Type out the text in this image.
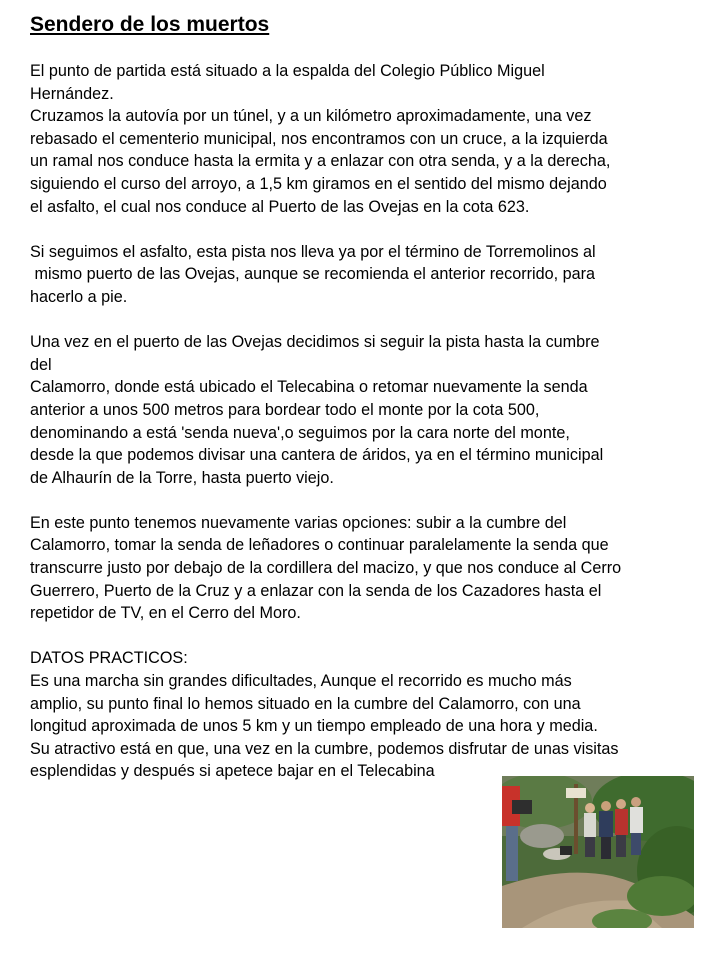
Sendero de los muertos
El punto de partida está situado a la espalda del Colegio Público Miguel
Hernández.
Cruzamos la autovía por un túnel, y a un kilómetro aproximadamente, una vez
rebasado el cementerio municipal, nos encontramos con un cruce, a la izquierda
un ramal nos conduce hasta la ermita y a enlazar con otra senda, y a la derecha,
siguiendo el curso del arroyo, a 1,5 km giramos en el sentido del mismo dejando
el asfalto, el cual nos conduce al Puerto de las Ovejas en la cota 623.
Si seguimos el asfalto, esta pista nos lleva ya por el término de Torremolinos al
mismo puerto de las Ovejas, aunque se recomienda el anterior recorrido, para
hacerlo a pie.
Una vez en el puerto de las Ovejas decidimos si seguir la pista hasta la cumbre
del
Calamorro, donde está ubicado el Telecabina o retomar nuevamente la senda
anterior a unos 500 metros para bordear todo el monte por la cota 500,
denominando a está 'senda nueva',o seguimos por la cara norte del monte,
desde la que podemos divisar una cantera de áridos, ya en el término municipal
de Alhaurín de la Torre, hasta puerto viejo.
En este punto tenemos nuevamente varias opciones: subir a la cumbre del
Calamorro, tomar la senda de leñadores o continuar paralelamente la senda que
transcurre justo por debajo de la cordillera del macizo, y que nos conduce al Cerro
Guerrero, Puerto de la Cruz y a enlazar con la senda de los Cazadores hasta el
repetidor de TV, en el Cerro del Moro.
DATOS PRACTICOS:
Es una marcha sin grandes dificultades, Aunque el recorrido es mucho más
amplio, su punto final lo hemos situado en la cumbre del Calamorro, con una
longitud aproximada de unos 5 km y un tiempo empleado de una hora y media.
Su atractivo está en que, una vez en la cumbre, podemos disfrutar de unas visitas
esplendidas y después si apetece bajar en el Telecabina
